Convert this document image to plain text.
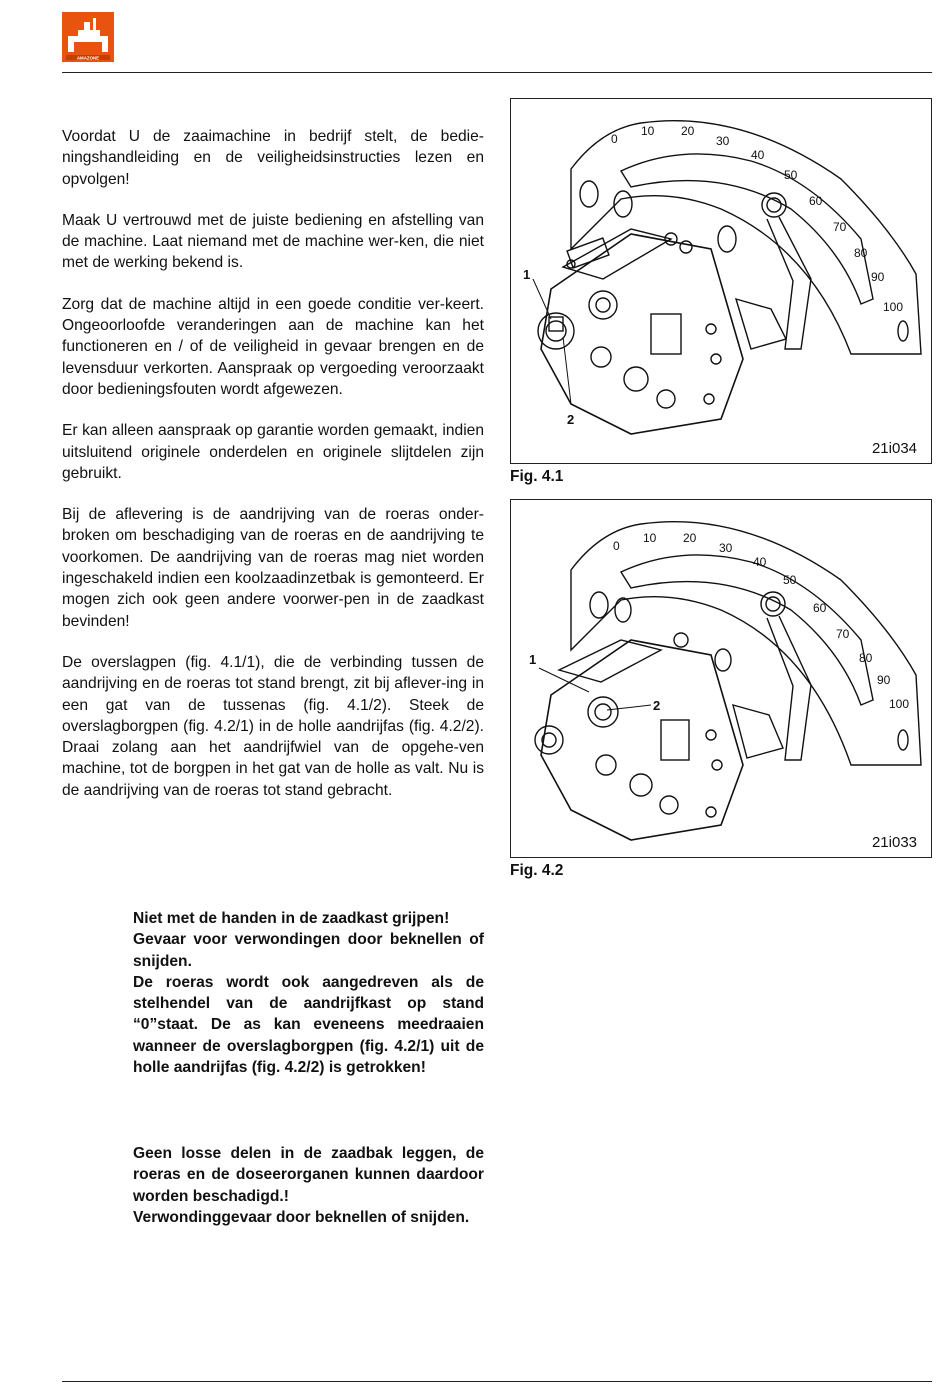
AMAZONE

Voordat U de zaaimachine in bedrijf stelt, de bedie-ningshandleiding en de veiligheidsinstructies lezen en opvolgen!

Maak U vertrouwd met de juiste bediening en afstelling van de machine. Laat niemand met de machine wer-ken, die niet met de werking bekend is.

Zorg dat de machine altijd in een goede conditie ver-keert. Ongeoorloofde veranderingen aan de machine kan het functioneren en / of de veiligheid in gevaar brengen en de levensduur verkorten. Aanspraak op vergoeding veroorzaakt door bedieningsfouten wordt afgewezen.

Er kan alleen aanspraak op garantie worden gemaakt, indien uitsluitend originele onderdelen en originele slijtdelen zijn gebruikt.

Bij de aflevering is de aandrijving van de roeras onder-broken om beschadiging van de roeras en de aandrijving te voorkomen. De aandrijving van de roeras mag niet worden ingeschakeld indien een koolzaadinzetbak is gemonteerd. Er mogen zich ook geen andere voorwer-pen in de zaadkast bevinden!

De overslagpen (fig. 4.1/1), die de verbinding tussen de aandrijving en de roeras tot stand brengt, zit bij aflever-ing in een gat van de tussenas (fig. 4.1/2). Steek de overslagborgpen (fig. 4.2/1) in de holle aandrijfas (fig. 4.2/2). Draai zolang aan het aandrijfwiel van de opgehe-ven machine, tot de borgpen in het gat van de holle as valt. Nu is de aandrijving van de roeras tot stand gebracht.

Niet met de handen in de zaadkast grijpen!

Gevaar voor verwondingen door beknellen of snijden.

De roeras wordt ook aangedreven als de stelhendel van de aandrijfkast op stand “0”staat. De as kan eveneens meedraaien wanneer de overslagborgpen (fig. 4.2/1) uit de holle aandrijfas (fig. 4.2/2) is getrokken!

Geen losse delen in de zaadbak leggen, de roeras en de doseerorganen kunnen daardoor worden beschadigd.!

Verwondinggevaar door beknellen of snijden.

1
2
0
10 20
30
40
50
60
70
80
90
100
21i034
Fig. 4.1
1
2
0
10 20
30
40
50
60
70
80
90
100
21i033
Fig. 4.2
